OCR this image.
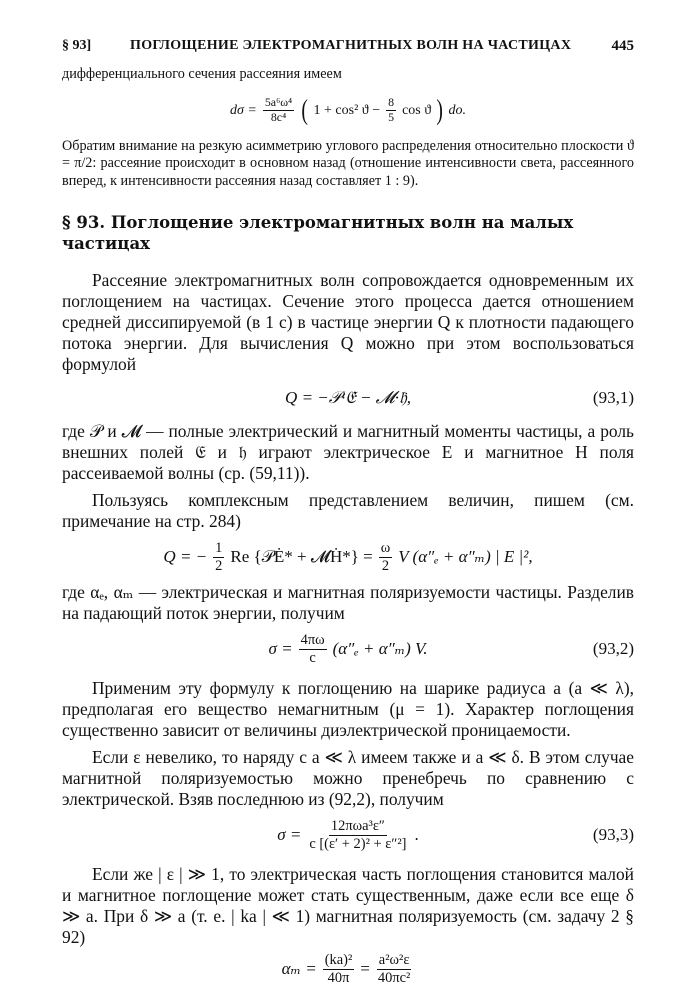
§ 93]	ПОГЛОЩЕНИЕ ЭЛЕКТРОМАГНИТНЫХ ВОЛН НА ЧАСТИЦАХ	445

дифференциального сечения рассеяния имеем

$d\sigma = \frac{\text{5a⁶ω⁴}}{\text{8c⁴}}$ ( 1 + cos² $ϑ - \frac{8}{5}$ cos ϑ ) do.

Обратим внимание на резкую асимметрию углового распределения относительно плоскости ϑ = π/2: рассеяние происходит в основном назад (отношение интенсивности света, рассеянного вперед, к интенсивности рассеяния назад составляет 1 : 9).

§ 93. Поглощение электромагнитных волн на малых
частицах

Рассеяние электромагнитных волн сопровождается одновременным их поглощением на частицах. Сечение этого процесса дается отношением средней диссипируемой (в 1 с) в частице энергии Q к плотности падающего потока энергии. Для вычисления Q можно при этом воспользоваться формулой

Q = −𝒫·𝔈̇ − 𝓜·𝔥̇,	(93,1)

где 𝒫 и 𝓜 — полные электрический и магнитный моменты частицы, а роль внешних полей 𝔈 и 𝔥 играют электрическое E и магнитное H поля рассеиваемой волны (ср. (59,11)).

Пользуясь комплексным представлением величин, пишем (см. примечание на стр. 284)

Q = − $\frac{1}{2}$ Re {𝒫Ė* + 𝓜Ḣ*} = $\frac{\omega}{2}$ V (α″ₑ + α″ₘ) | E |²,

где αₑ, αₘ — электрическая и магнитная поляризуемости частицы. Разделив на падающий поток энергии, получим

$\sigma = \frac{4\pi\omega}{c} (\alpha''_e + \alpha''_m)$ V.	(93,2)

Применим эту формулу к поглощению на шарике радиуса a (a ≪ λ), предполагая его вещество немагнитным (μ = 1). Характер поглощения существенно зависит от величины диэлектрической проницаемости.

Если ε невелико, то наряду с a ≪ λ имеем также и a ≪ δ. В этом случае магнитной поляризуемостью можно пренебречь по сравнению с электрической. Взяв последнюю из (92,2), получим

$\sigma = \frac{\text{12πωa³ε″}}{\text{c [(ε′ + 2)² + ε″²]}}$ .	(93,3)

Если же | ε | ≫ 1, то электрическая часть поглощения становится малой и магнитное поглощение может стать существенным, даже если все еще δ ≫ a. При δ ≫ a (т. е. | ka | ≪ 1) магнитная поляризуемость (см. задачу 2 § 92)

$\alpha_m = \frac{\text{(ka)²}}{40\pi} = \frac{\text{a²ω²ε}}{\text{40πc²}}$
